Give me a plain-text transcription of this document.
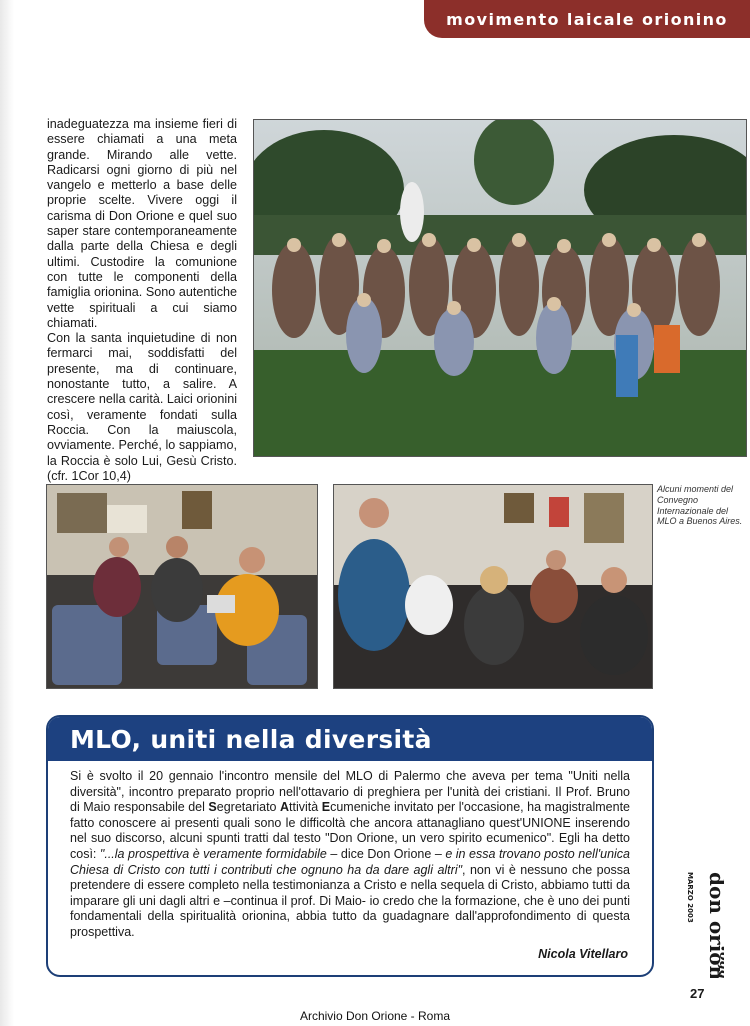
movimento laicale orionino

inadeguatezza ma insieme fieri di essere chiamati a una meta grande. Mirando alle vette. Radicarsi ogni giorno di più nel vangelo e metterlo a base delle proprie scelte. Vivere oggi il carisma di Don Orione e quel suo saper stare contemporaneamente dalla parte della Chiesa e degli ultimi. Custodire la comunione con tutte le componenti della famiglia orionina. Sono autentiche vette spirituali a cui siamo chiamati.

Con la santa inquietudine di non fermarci mai, soddisfatti del presente, ma di continuare, nonostante tutto, a salire. A crescere nella carità. Laici orionini così, veramente fondati sulla Roccia. Con la maiuscola, ovviamente. Perché, lo sappiamo, la Roccia è solo Lui, Gesù Cristo. (cfr. 1Cor 10,4)

Alcuni momenti del Convegno Internazionale del MLO a Buenos Aires.
MLO, uniti nella diversità

Si è svolto il 20 gennaio l'incontro mensile del MLO di Palermo che aveva per tema "Uniti nella diversità", incontro preparato proprio nell'ottavario di preghiera per l'unità dei cristiani. Il Prof. Bruno di Maio responsabile del Segretariato Attività Ecumeniche invitato per l'occasione, ha magistralmente fatto conoscere ai presenti quali sono le difficoltà che ancora attanagliano quest'UNIONE inserendo nel suo discorso, alcuni spunti tratti dal testo "Don Orione, un vero spirito ecumenico". Egli ha detto così: "...la prospettiva è veramente formidabile – dice Don Orione – e in essa trovano posto nell'unica Chiesa di Cristo con tutti i contributi che ognuno ha da dare agli altri", non vi è nessuno che possa pretendere di essere completo nella testimonianza a Cristo e nella sequela di Cristo, abbiamo tutti da imparare gli uni dagli altri e –continua il prof. Di Maio- io credo che la formazione, che è uno dei punti fondamentali della spiritualità orionina, abbia tutto da guadagnare dall'approfondimento di questa prospettiva.

Nicola Vitellaro
don orio
MARZO 2003
ogg
27
Archivio Don Orione - Roma
